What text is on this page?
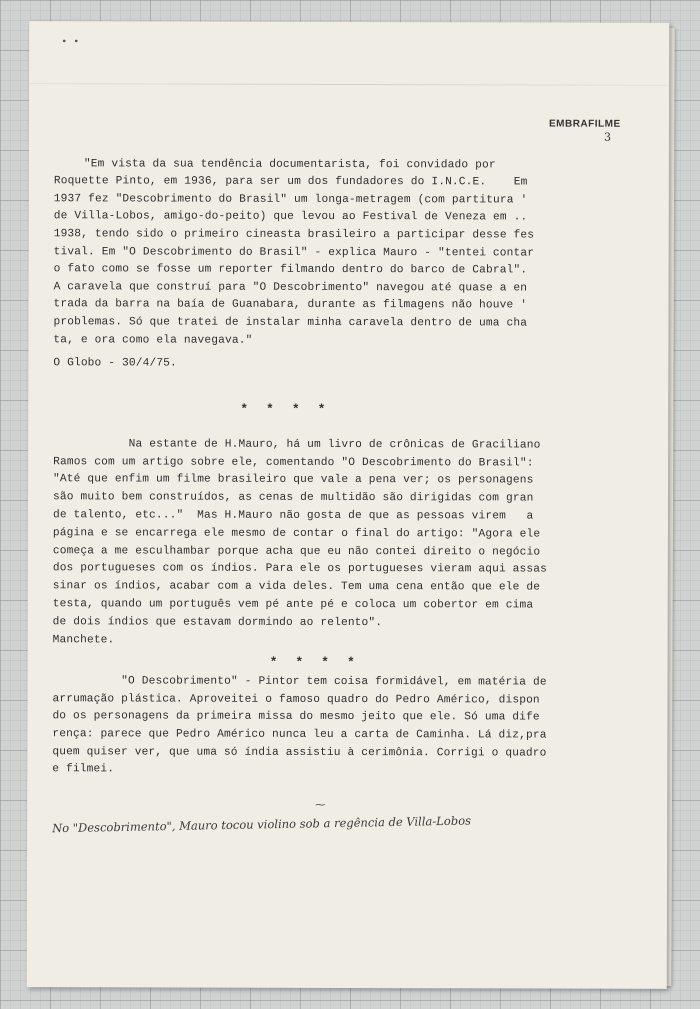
• •
EMBRAFILME
3
"Em vista da sua tendência documentarista, foi convidado por
Roquette Pinto, em 1936, para ser um dos fundadores do I.N.C.E.    Em
1937 fez "Descobrimento do Brasil" um longa-metragem (com partitura '
de Villa-Lobos, amigo-do-peito) que levou ao Festival de Veneza em ..
1938, tendo sido o primeiro cineasta brasileiro a participar desse fes
tival. Em "O Descobrimento do Brasil" - explica Mauro - "tentei contar
o fato como se fosse um reporter filmando dentro do barco de Cabral".
A caravela que construí para "O Descobrimento" navegou até quase a en
trada da barra na baía de Guanabara, durante as filmagens não houve '
problemas. Só que tratei de instalar minha caravela dentro de uma cha
ta, e ora como ela navegava."
O Globo - 30/4/75.
Na estante de H.Mauro, há um livro de crônicas de Graciliano
Ramos com um artigo sobre ele, comentando "O Descobrimento do Brasil":
"Até que enfim um filme brasileiro que vale a pena ver; os personagens
são muito bem construídos, as cenas de multidão são dirigidas com gran
de talento, etc..."  Mas H.Mauro não gosta de que as pessoas virem   a
página e se encarrega ele mesmo de contar o final do artigo: "Agora ele
começa a me esculhambar porque acha que eu não contei direito o negócio
dos portugueses com os índios. Para ele os portugueses vieram aqui assas
sinar os índios, acabar com a vida deles. Tem uma cena então que ele de
testa, quando um português vem pé ante pé e coloca um cobertor em cima
de dois índios que estavam dormindo ao relento".
Manchete.
"O Descobrimento" - Pintor tem coisa formidável, em matéria de
arrumação plástica. Aproveitei o famoso quadro do Pedro Américo, dispon
do os personagens da primeira missa do mesmo jeito que ele. Só uma dife
rença: parece que Pedro Américo nunca leu a carta de Caminha. Lá diz,pra
quem quiser ver, que uma só índia assistiu à cerimônia. Corrigi o quadro
e filmei.
****
****
⁓
No "Descobrimento", Mauro tocou violino sob a regência de Villa-Lobos
